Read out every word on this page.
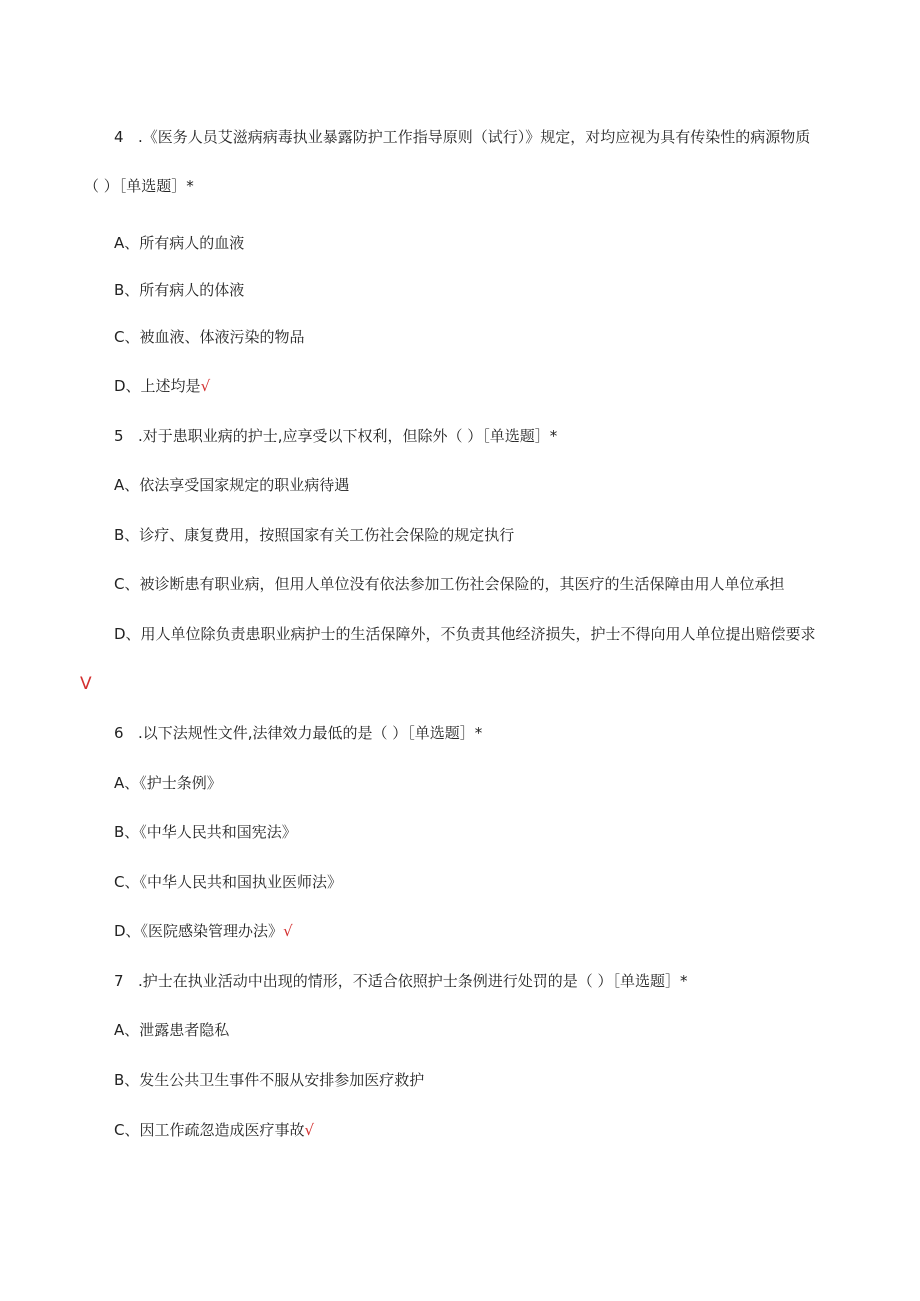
4 .《医务人员艾滋病病毒执业暴露防护工作指导原则（试行）》规定，对均应视为具有传染性的病源物质
（ ）［单选题］*
A、所有病人的血液
B、所有病人的体液
C、被血液、体液污染的物品
D、上述均是√
5 .对于患职业病的护士,应享受以下权利，但除外（ ）［单选题］*
A、依法享受国家规定的职业病待遇
B、诊疗、康复费用，按照国家有关工伤社会保险的规定执行
C、被诊断患有职业病，但用人单位没有依法参加工伤社会保险的，其医疗的生活保障由用人单位承担
D、用人单位除负责患职业病护士的生活保障外，不负责其他经济损失，护士不得向用人单位提出赔偿要求
V
6 .以下法规性文件,法律效力最低的是（ ）［单选题］*
A、《护士条例》
B、《中华人民共和国宪法》
C、《中华人民共和国执业医师法》
D、《医院感染管理办法》√
7 .护士在执业活动中出现的情形，不适合依照护士条例进行处罚的是（ ）［单选题］*
A、泄露患者隐私
B、发生公共卫生事件不服从安排参加医疗救护
C、因工作疏忽造成医疗事故√
